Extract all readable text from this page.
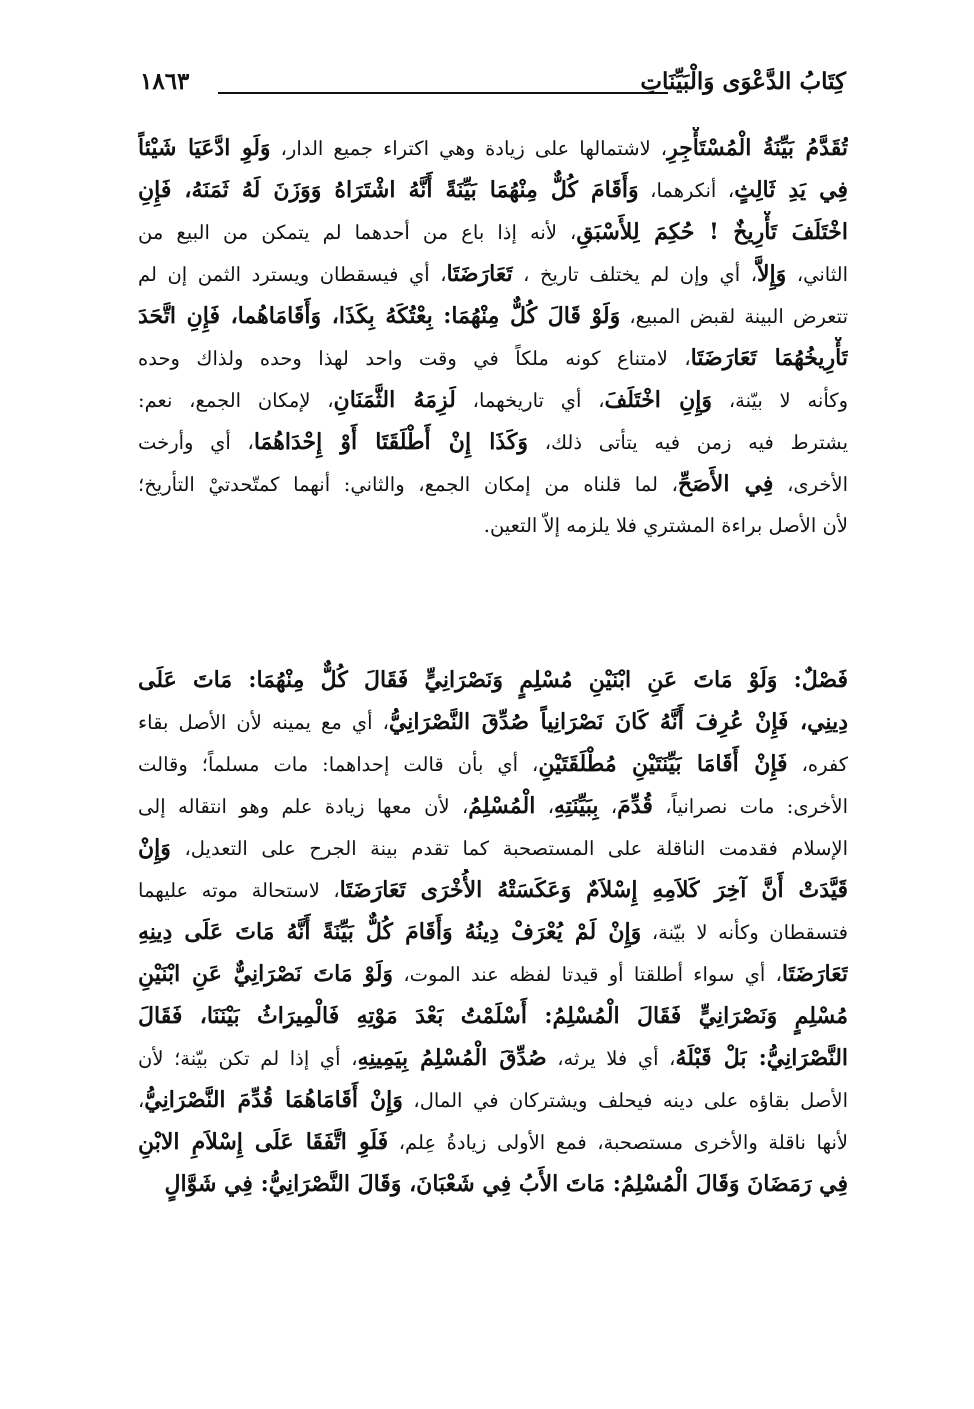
كِتَابُ الدَّعْوَى وَالْبَيِّنَاتِ
١٨٦٣
تُقَدَّمُ بَيِّنَةُ الْمُسْتَأْجِرِ، لاشتمالها على زيادة وهي اكتراء جميع الدار، وَلَوِ ادَّعَيَا شَيْئاً
فِي يَدِ ثَالِثٍ، أنكرهما، وَأَقَامَ كُلٌّ مِنْهُمَا بَيِّنَةً أَنَّهُ اشْتَرَاهُ وَوَزَنَ لَهُ ثَمَنَهُ، فَإِنِ
اخْتَلَفَ تَأْرِيخٌ ! حُكِمَ لِلأَسْبَقِ، لأنه إذا باع من أحدهما لم يتمكن من البيع من
الثاني، وَإِلاَّ، أي وإن لم يختلف تاريخ ، تَعَارَضَتَا، أي فيسقطان ويسترد الثمن إن لم
تتعرض البينة لقبض المبيع، وَلَوْ قَالَ كُلٌّ مِنْهُمَا: بِعْتُكَهُ بِكَذَا، وَأَقَامَاهُما، فَإِنِ اتَّحَدَ
تَأْرِيخُهُمَا تَعَارَضَتَا، لامتناع كونه ملكاً في وقت واحد لهذا وحده ولذاك وحده
وكأنه لا بيّنة، وَإِنِ اخْتَلَفَ، أي تاريخهما، لَزِمَهُ الثَّمَنَانِ، لإمكان الجمع، نعم:
يشترط فيه زمن فيه يتأتى ذلك، وَكَذَا إِنْ أَطْلَقَتَا أَوْ إِحْدَاهُمَا، أي وأرخت
الأخرى، فِي الأَصَحِّ، لما قلناه من إمكان الجمع، والثاني: أنهما كمتّحدتيْ التأريخ؛
لأن الأصل براءة المشتري فلا يلزمه إلاّ التعين.
فَصْلٌ: وَلَوْ مَاتَ عَنِ ابْنَيْنِ مُسْلِمٍ وَنَصْرَانِيٍّ فَقَالَ كُلٌّ مِنْهُمَا: مَاتَ عَلَى
دِينِي، فَإِنْ عُرِفَ أَنَّهُ كَانَ نَصْرَانِياً صُدِّقَ النَّصْرَانِيُّ، أي مع يمينه لأن الأصل بقاء
كفره، فَإِنْ أَقَامَا بَيِّنَتَيْنِ مُطْلَقَتَيْنِ، أي بأن قالت إحداهما: مات مسلماً؛ وقالت
الأخرى: مات نصرانياً، قُدِّمَ، بِبَيِّنَتِهِ، الْمُسْلِمُ، لأن معها زيادة علم وهو انتقاله إلى
الإسلام فقدمت الناقلة على المستصحبة كما تقدم بينة الجرح على التعديل، وَإِنْ
قَيَّدَتْ أَنَّ آخِرَ كَلاَمِهِ إِسْلاَمٌ وَعَكَسَتْهُ الأُخْرَى تَعَارَضَتَا، لاستحالة موته عليهما
فتسقطان وكأنه لا بيّنة، وَإِنْ لَمْ يُعْرَفْ دِينُهُ وَأَقَامَ كُلٌّ بَيِّنَةً أَنَّهُ مَاتَ عَلَى دِينِهِ
تَعَارَضَتَا، أي سواء أطلقتا أو قيدتا لفظه عند الموت، وَلَوْ مَاتَ نَصْرَانِيٌّ عَنِ ابْنَيْنِ
مُسْلِمٍ وَنَصْرَانِيٍّ فَقَالَ الْمُسْلِمُ: أَسْلَمْتُ بَعْدَ مَوْتِهِ فَالْمِيرَاثُ بَيْنَنَا، فَقَالَ
النَّصْرَانِيُّ: بَلْ قَبْلَهُ، أي فلا يرثه، صُدِّقَ الْمُسْلِمُ بِيَمِينِهِ، أي إذا لم تكن بيّنة؛ لأن
الأصل بقاؤه على دينه فيحلف ويشتركان في المال، وَإِنْ أَقَامَاهُمَا قُدِّمَ النَّصْرَانِيُّ،
لأنها ناقلة والأخرى مستصحبة، فمع الأولى زيادةُ عِلم، فَلَوِ اتَّفَقَا عَلَى إِسْلاَمِ الابْنِ
فِي رَمَضَانَ وَقَالَ الْمُسْلِمُ: مَاتَ الأَبُ فِي شَعْبَانَ، وَقَالَ النَّصْرَانِيُّ: فِي شَوَّالٍ
